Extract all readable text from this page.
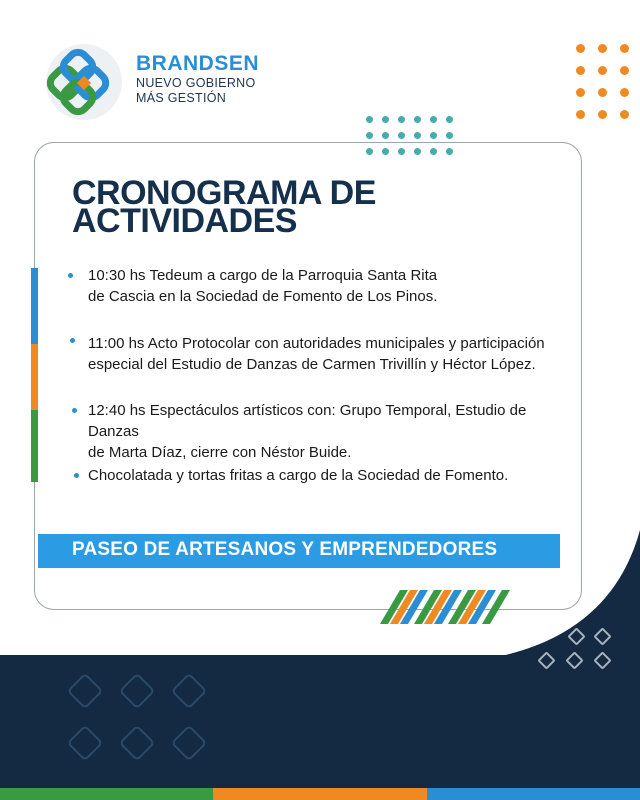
BRANDSEN
NUEVO GOBIERNO
MÁS GESTIÓN
CRONOGRAMA DE
ACTIVIDADES
10:30 hs Tedeum a cargo de la Parroquia Santa Rita
de Cascia en la Sociedad de Fomento de Los Pinos.
11:00 hs Acto Protocolar con autoridades municipales y participación
especial del Estudio de Danzas de Carmen Trivillín y Héctor López.
12:40 hs Espectáculos artísticos con: Grupo Temporal, Estudio de Danzas
de Marta Díaz, cierre con Néstor Buide.
Chocolatada y tortas fritas a cargo de la Sociedad de Fomento.
PASEO DE ARTESANOS Y EMPRENDEDORES
